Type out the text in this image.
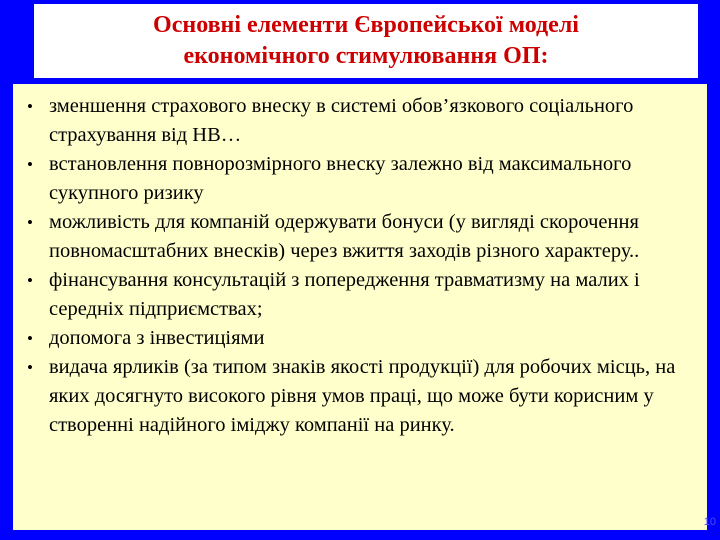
Основні елементи Європейської моделі
економічного стимулювання ОП:
• зменшення страхового внеску в системі обов’язкового соціального страхування від НВ…
• встановлення повнорозмірного внеску залежно від максимального сукупного ризику
• можливість для компаній одержувати бонуси (у вигляді скорочення повномасштабних внесків) через вжиття заходів різного характеру..
• фінансування консультацій з попередження травматизму на малих і середніх підприємствах;
• допомога з інвестиціями
• видача ярликів (за типом знаків якості продукції) для робочих місць, на яких досягнуто високого рівня умов праці, що може бути корисним у створенні надійного іміджу компанії на ринку.
10
